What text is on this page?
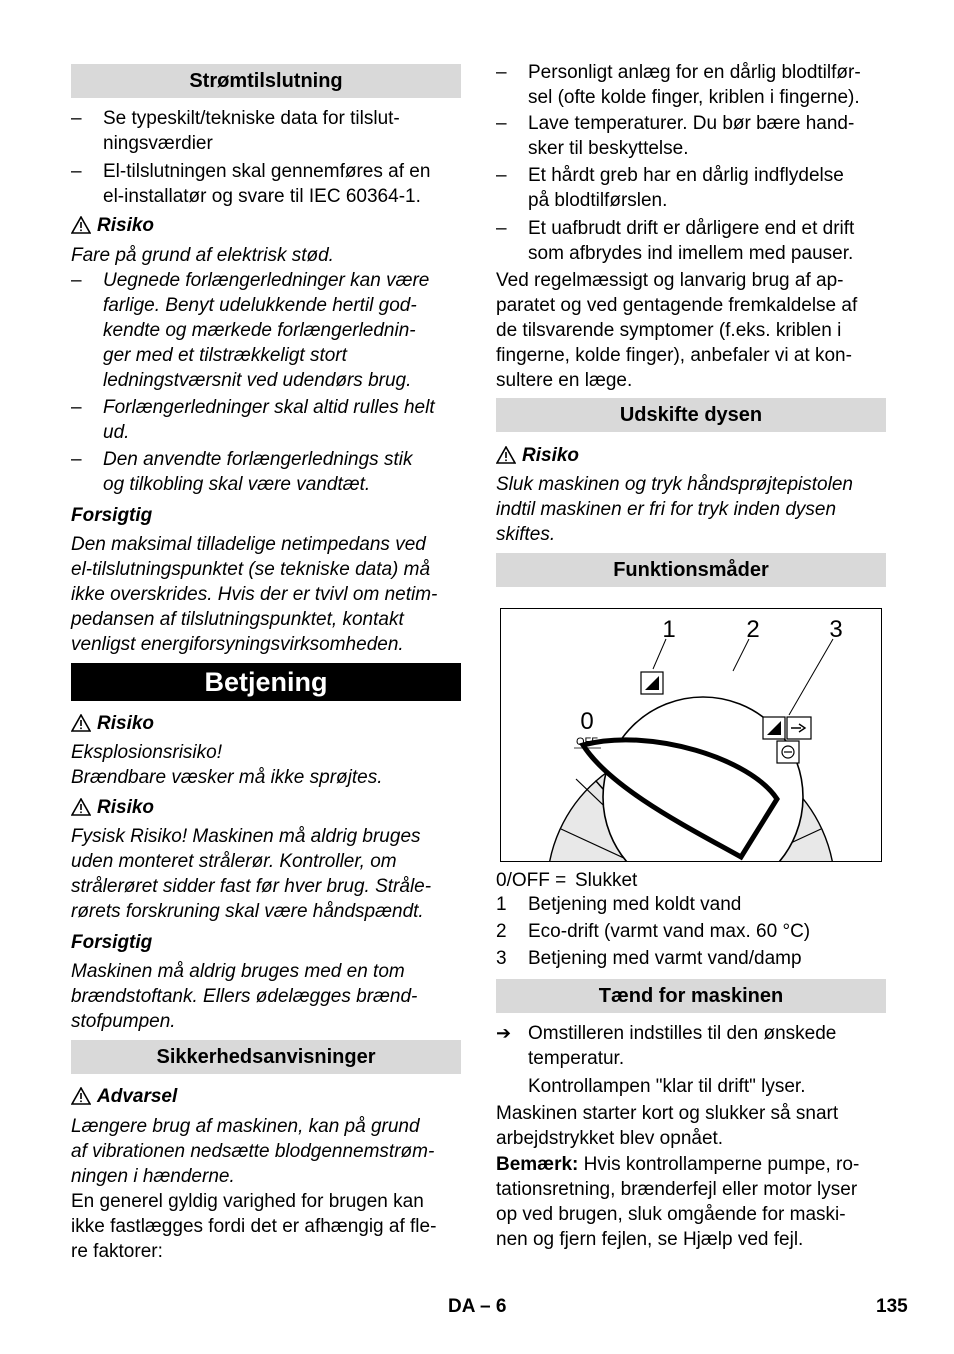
Strømtilslutning
– Se typeskilt/tekniske data for tilslut-
ningsværdier
– El-tilslutningen skal gennemføres af en
el-installatør og svare til IEC 60364-1.
Risiko
Fare på grund af elektrisk stød.
– Uegnede forlængerledninger kan være
farlige. Benyt udelukkende hertil god-
kendte og mærkede forlængerlednin-
ger med et tilstrækkeligt stort
ledningstværsnit ved udendørs brug.
– Forlængerledninger skal altid rulles helt
ud.
– Den anvendte forlængerlednings stik
og tilkobling skal være vandtæt.
Forsigtig
Den maksimal tilladelige netimpedans ved
el-tilslutningspunktet (se tekniske data) må
ikke overskrides. Hvis der er tvivl om netim-
pedansen af tilslutningspunktet, kontakt
venligst energiforsyningsvirksomheden.
Betjening
Risiko
Eksplosionsrisiko!
Brændbare væsker må ikke sprøjtes.
Risiko
Fysisk Risiko! Maskinen må aldrig bruges
uden monteret strålerør. Kontroller, om
strålerøret sidder fast før hver brug. Stråle-
rørets forskruning skal være håndspændt.
Forsigtig
Maskinen må aldrig bruges med en tom
brændstoftank. Ellers ødelægges brænd-
stofpumpen.
Sikkerhedsanvisninger
Advarsel
Længere brug af maskinen, kan på grund
af vibrationen nedsætte blodgennemstrøm-
ningen i hænderne.
En generel gyldig varighed for brugen kan
ikke fastlægges fordi det er afhængig af fle-
re faktorer:
– Personligt anlæg for en dårlig blodtilfør-
sel (ofte kolde finger, kriblen i fingerne).
– Lave temperaturer. Du bør bære hand-
sker til beskyttelse.
– Et hårdt greb har en dårlig indflydelse
på blodtilførslen.
– Et uafbrudt drift er dårligere end et drift
som afbrydes ind imellem med pauser.
Ved regelmæssigt og lanvarig brug af ap-
paratet og ved gentagende fremkaldelse af
de tilsvarende symptomer (f.eks. kriblen i
fingerne, kolde finger), anbefaler vi at kon-
sultere en læge.
Udskifte dysen
Risiko
Sluk maskinen og tryk håndsprøjtepistolen
indtil maskinen er fri for tryk inden dysen
skiftes.
Funktionsmåder
eco
1	2	3
0
OFF
0/OFF = Slukket
1 Betjening med koldt vand
2 Eco-drift (varmt vand max. 60 °C)
3 Betjening med varmt vand/damp
Tænd for maskinen
➔ Omstilleren indstilles til den ønskede
temperatur.
Kontrollampen "klar til drift" lyser.
Maskinen starter kort og slukker så snart
arbejdstrykket blev opnået.
Bemærk: Hvis kontrollamperne pumpe, ro-
tationsretning, brænderfejl eller motor lyser
op ved brugen, sluk omgående for maski-
nen og fjern fejlen, se Hjælp ved fejl.
DA – 6	135
